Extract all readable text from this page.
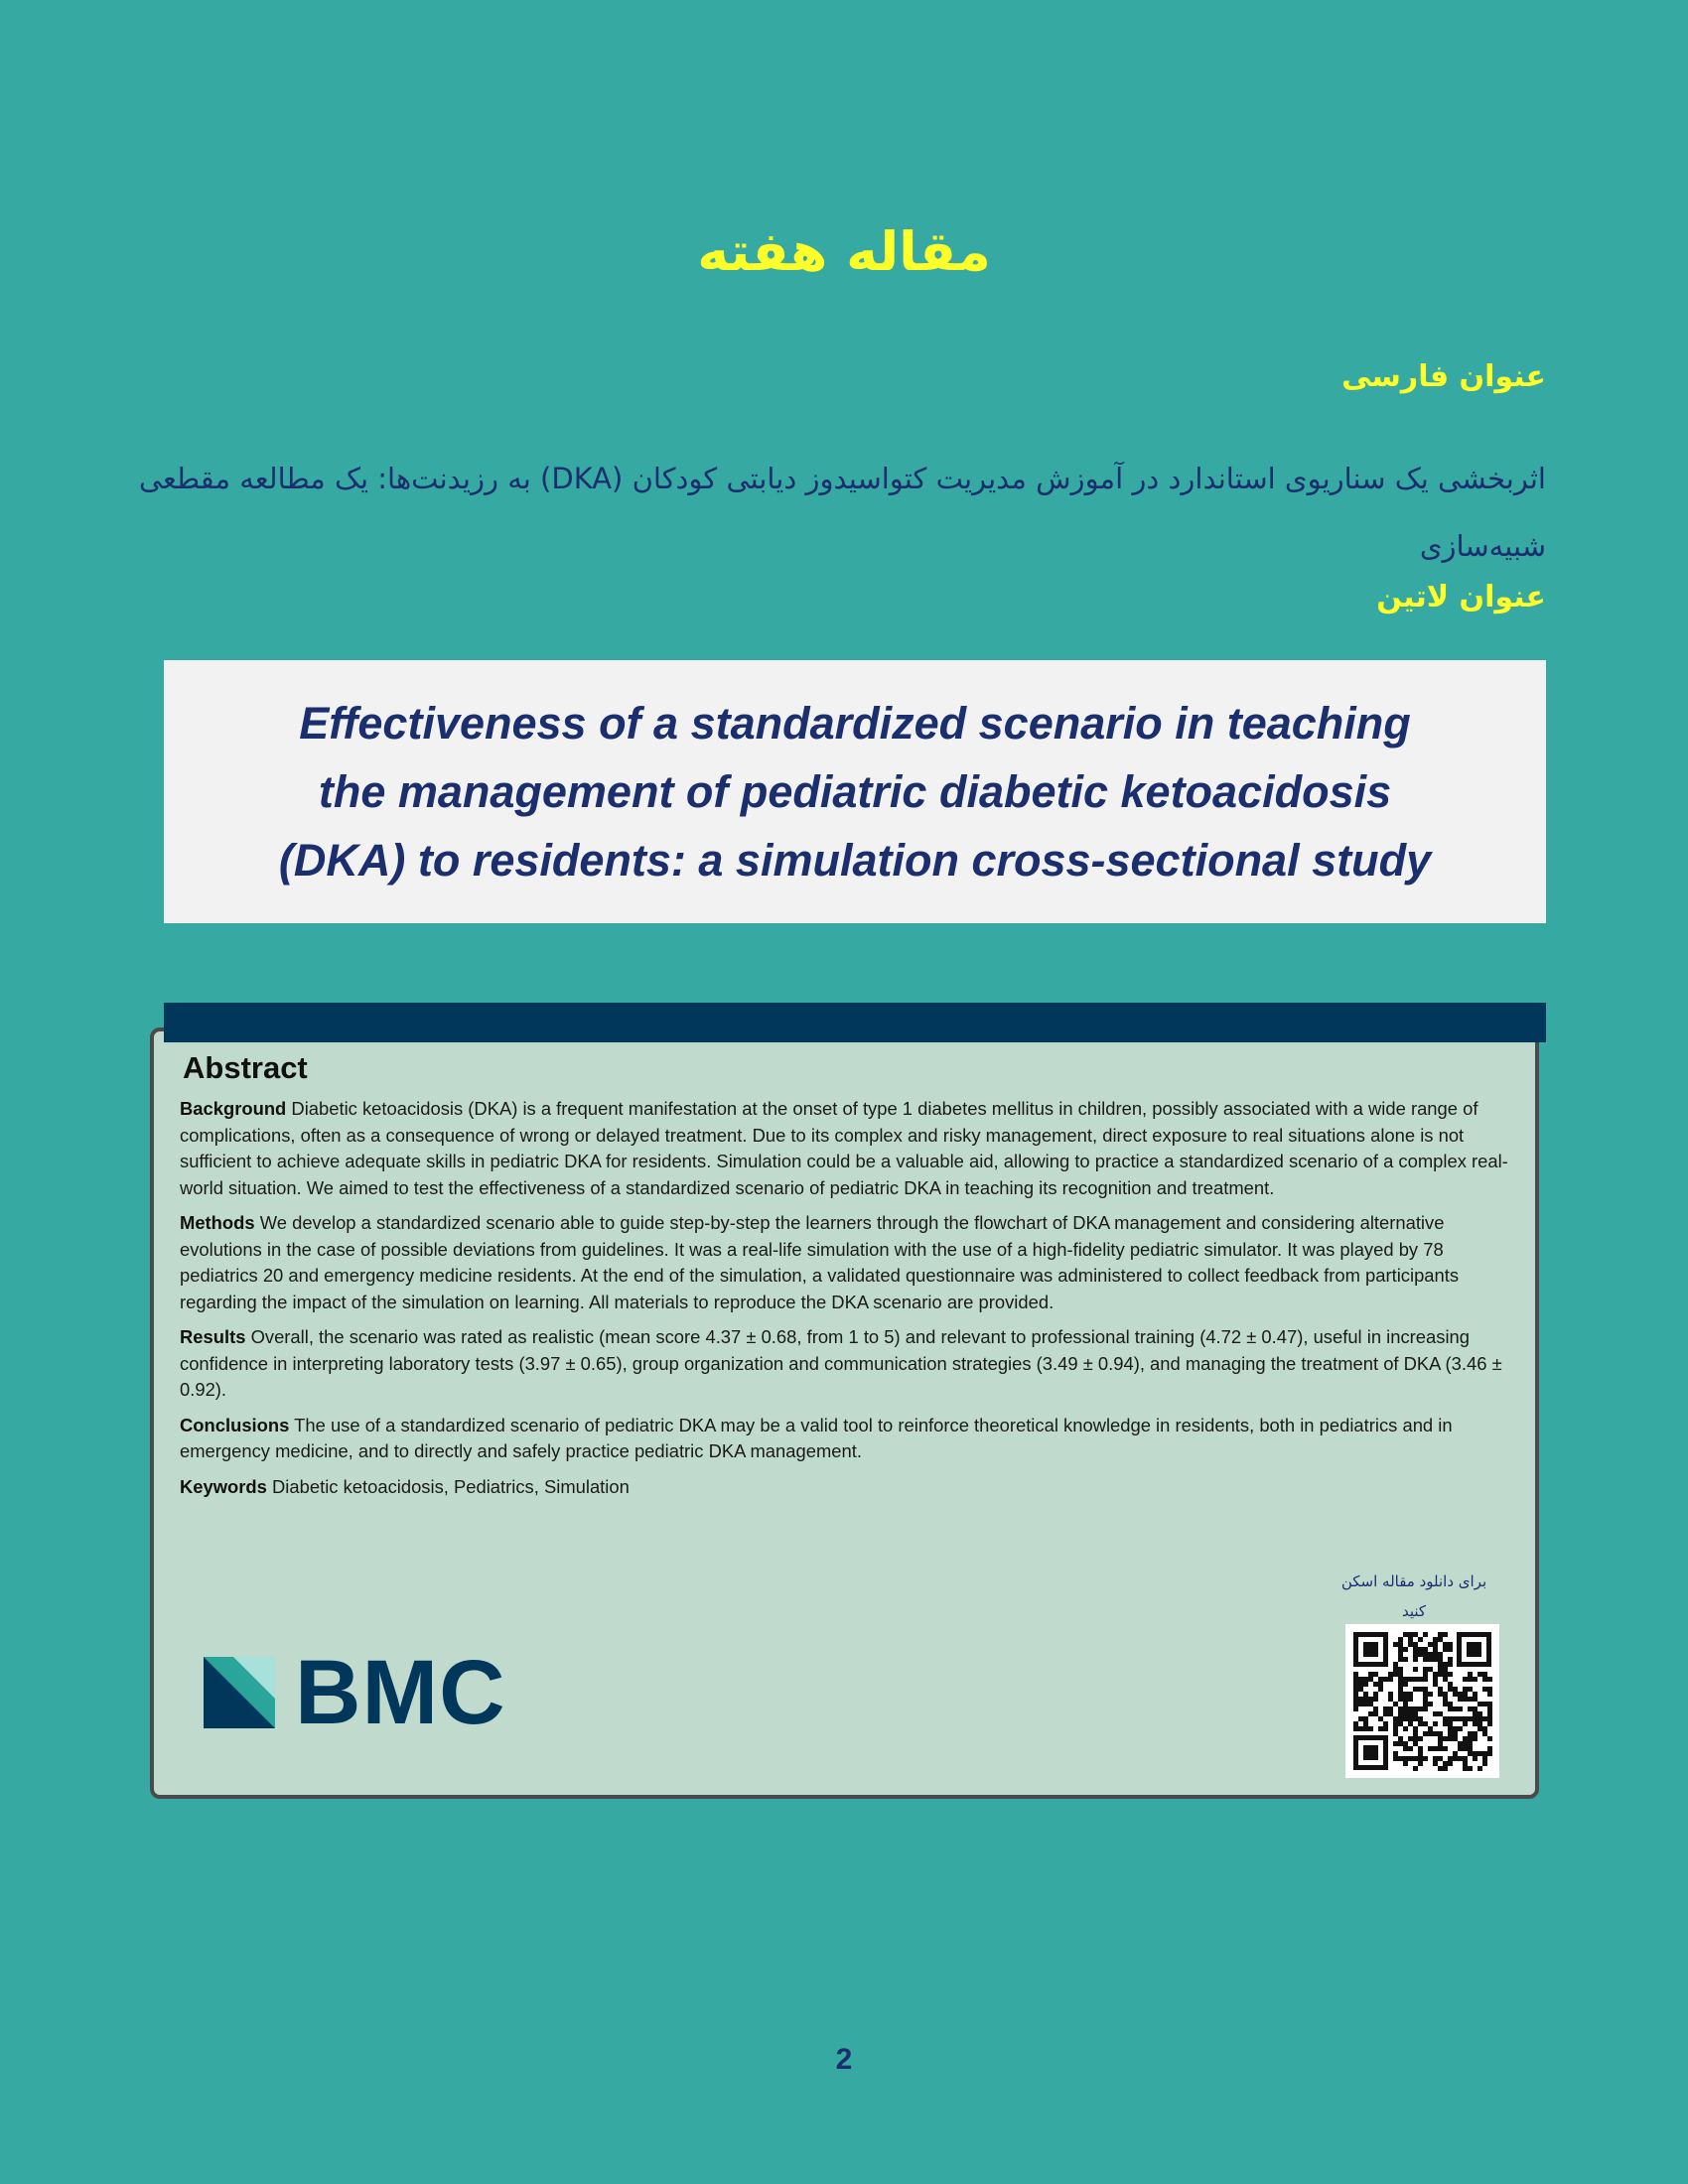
مقاله هفته
عنوان فارسی

اثربخشی یک سناریوی استاندارد در آموزش مدیریت کتواسیدوز دیابتی کودکان (DKA) به رزیدنت‌ها: یک مطالعه مقطعی شبیه‌سازی

عنوان لاتین
Effectiveness of a standardized scenario in teaching the management of pediatric diabetic ketoacidosis (DKA) to residents: a simulation cross-sectional study
Abstract

Background Diabetic ketoacidosis (DKA) is a frequent manifestation at the onset of type 1 diabetes mellitus in children, possibly associated with a wide range of complications, often as a consequence of wrong or delayed treatment. Due to its complex and risky management, direct exposure to real situations alone is not sufficient to achieve adequate skills in pediatric DKA for residents. Simulation could be a valuable aid, allowing to practice a standardized scenario of a complex real-world situation. We aimed to test the effectiveness of a standardized scenario of pediatric DKA in teaching its recognition and treatment.

Methods We develop a standardized scenario able to guide step-by-step the learners through the flowchart of DKA management and considering alternative evolutions in the case of possible deviations from guidelines. It was a real-life simulation with the use of a high-fidelity pediatric simulator. It was played by 78 pediatrics 20 and emergency medicine residents. At the end of the simulation, a validated questionnaire was administered to collect feedback from participants regarding the impact of the simulation on learning. All materials to reproduce the DKA scenario are provided.

Results Overall, the scenario was rated as realistic (mean score 4.37 ± 0.68, from 1 to 5) and relevant to professional training (4.72 ± 0.47), useful in increasing confidence in interpreting laboratory tests (3.97 ± 0.65), group organization and communication strategies (3.49 ± 0.94), and managing the treatment of DKA (3.46 ± 0.92).

Conclusions The use of a standardized scenario of pediatric DKA may be a valid tool to reinforce theoretical knowledge in residents, both in pediatrics and in emergency medicine, and to directly and safely practice pediatric DKA management.

Keywords Diabetic ketoacidosis, Pediatrics, Simulation

BMC
برای دانلود مقاله اسکن کنید
2
